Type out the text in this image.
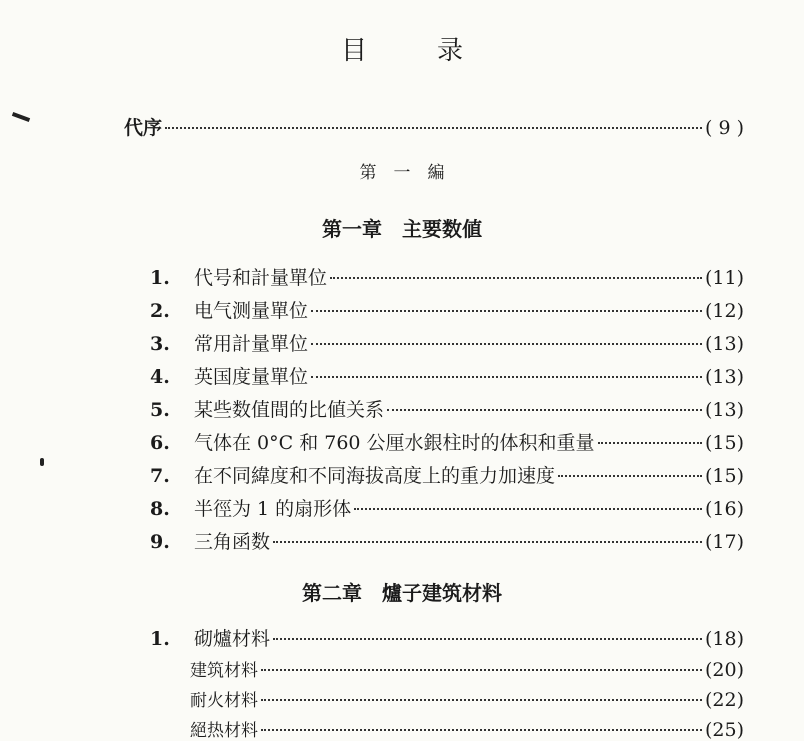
目	录
代序	( 9 )
第　一　編
第一章　主要数値
1.	代号和計量單位	(11)
2.	电气测量單位	(12)
3.	常用計量單位	(13)
4.	英国度量單位	(13)
5.	某些数值間的比値关系	(13)
6.	气体在 0°C 和 760 公厘水銀柱时的体积和重量	(15)
7.	在不同緯度和不同海拔高度上的重力加速度	(15)
8.	半徑为 1 的扇形体	(16)
9.	三角函数	(17)
第二章　爐子建筑材料
1.	砌爐材料	(18)
建筑材料	(20)
耐火材料	(22)
絕热材料	(25)
